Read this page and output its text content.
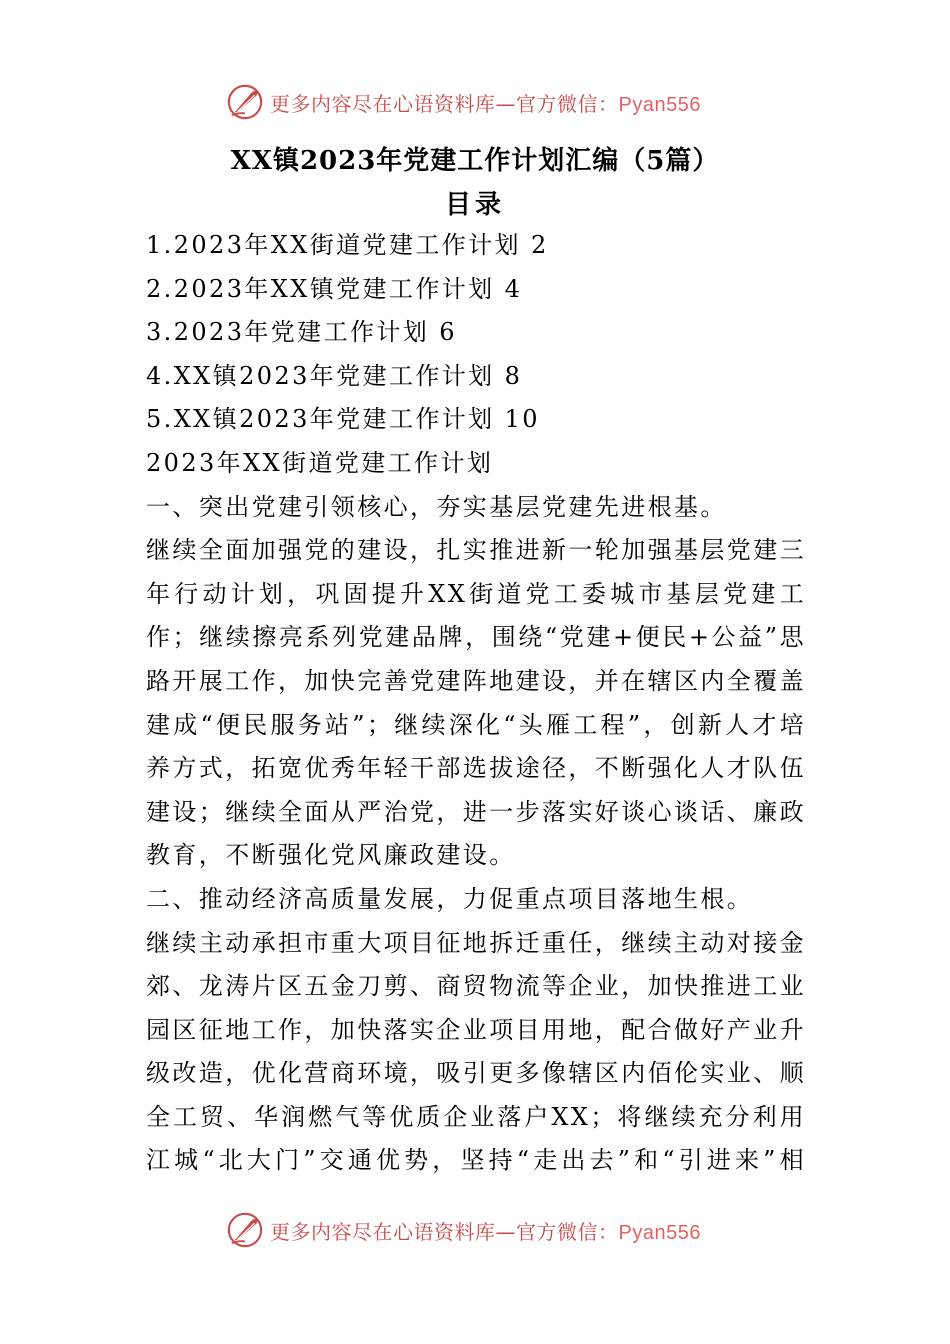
更多内容尽在心语资料库—官方微信：Pyan556
XX镇2023年党建工作计划汇编（5篇）
目录
1.2023年XX街道党建工作计划 2
2.2023年XX镇党建工作计划 4
3.2023年党建工作计划 6
4.XX镇2023年党建工作计划 8
5.XX镇2023年党建工作计划 10
2023年XX街道党建工作计划
一、突出党建引领核心，夯实基层党建先进根基。

继续全面加强党的建设，扎实推进新一轮加强基层党建三年行动计划，巩固提升XX街道党工委城市基层党建工作；继续擦亮系列党建品牌，围绕“党建+便民+公益”思路开展工作，加快完善党建阵地建设，并在辖区内全覆盖建成“便民服务站”；继续深化“头雁工程”，创新人才培养方式，拓宽优秀年轻干部选拔途径，不断强化人才队伍建设；继续全面从严治党，进一步落实好谈心谈话、廉政教育，不断强化党风廉政建设。

二、推动经济高质量发展，力促重点项目落地生根。

继续主动承担市重大项目征地拆迁重任，继续主动对接金郊、龙涛片区五金刀剪、商贸物流等企业，加快推进工业园区征地工作，加快落实企业项目用地，配合做好产业升级改造，优化营商环境，吸引更多像辖区内佰伦实业、顺全工贸、华润燃气等优质企业落户XX；将继续充分利用江城“北大门”交通优势，坚持“走出去”和“引进来”相

更多内容尽在心语资料库—官方微信：Pyan556
